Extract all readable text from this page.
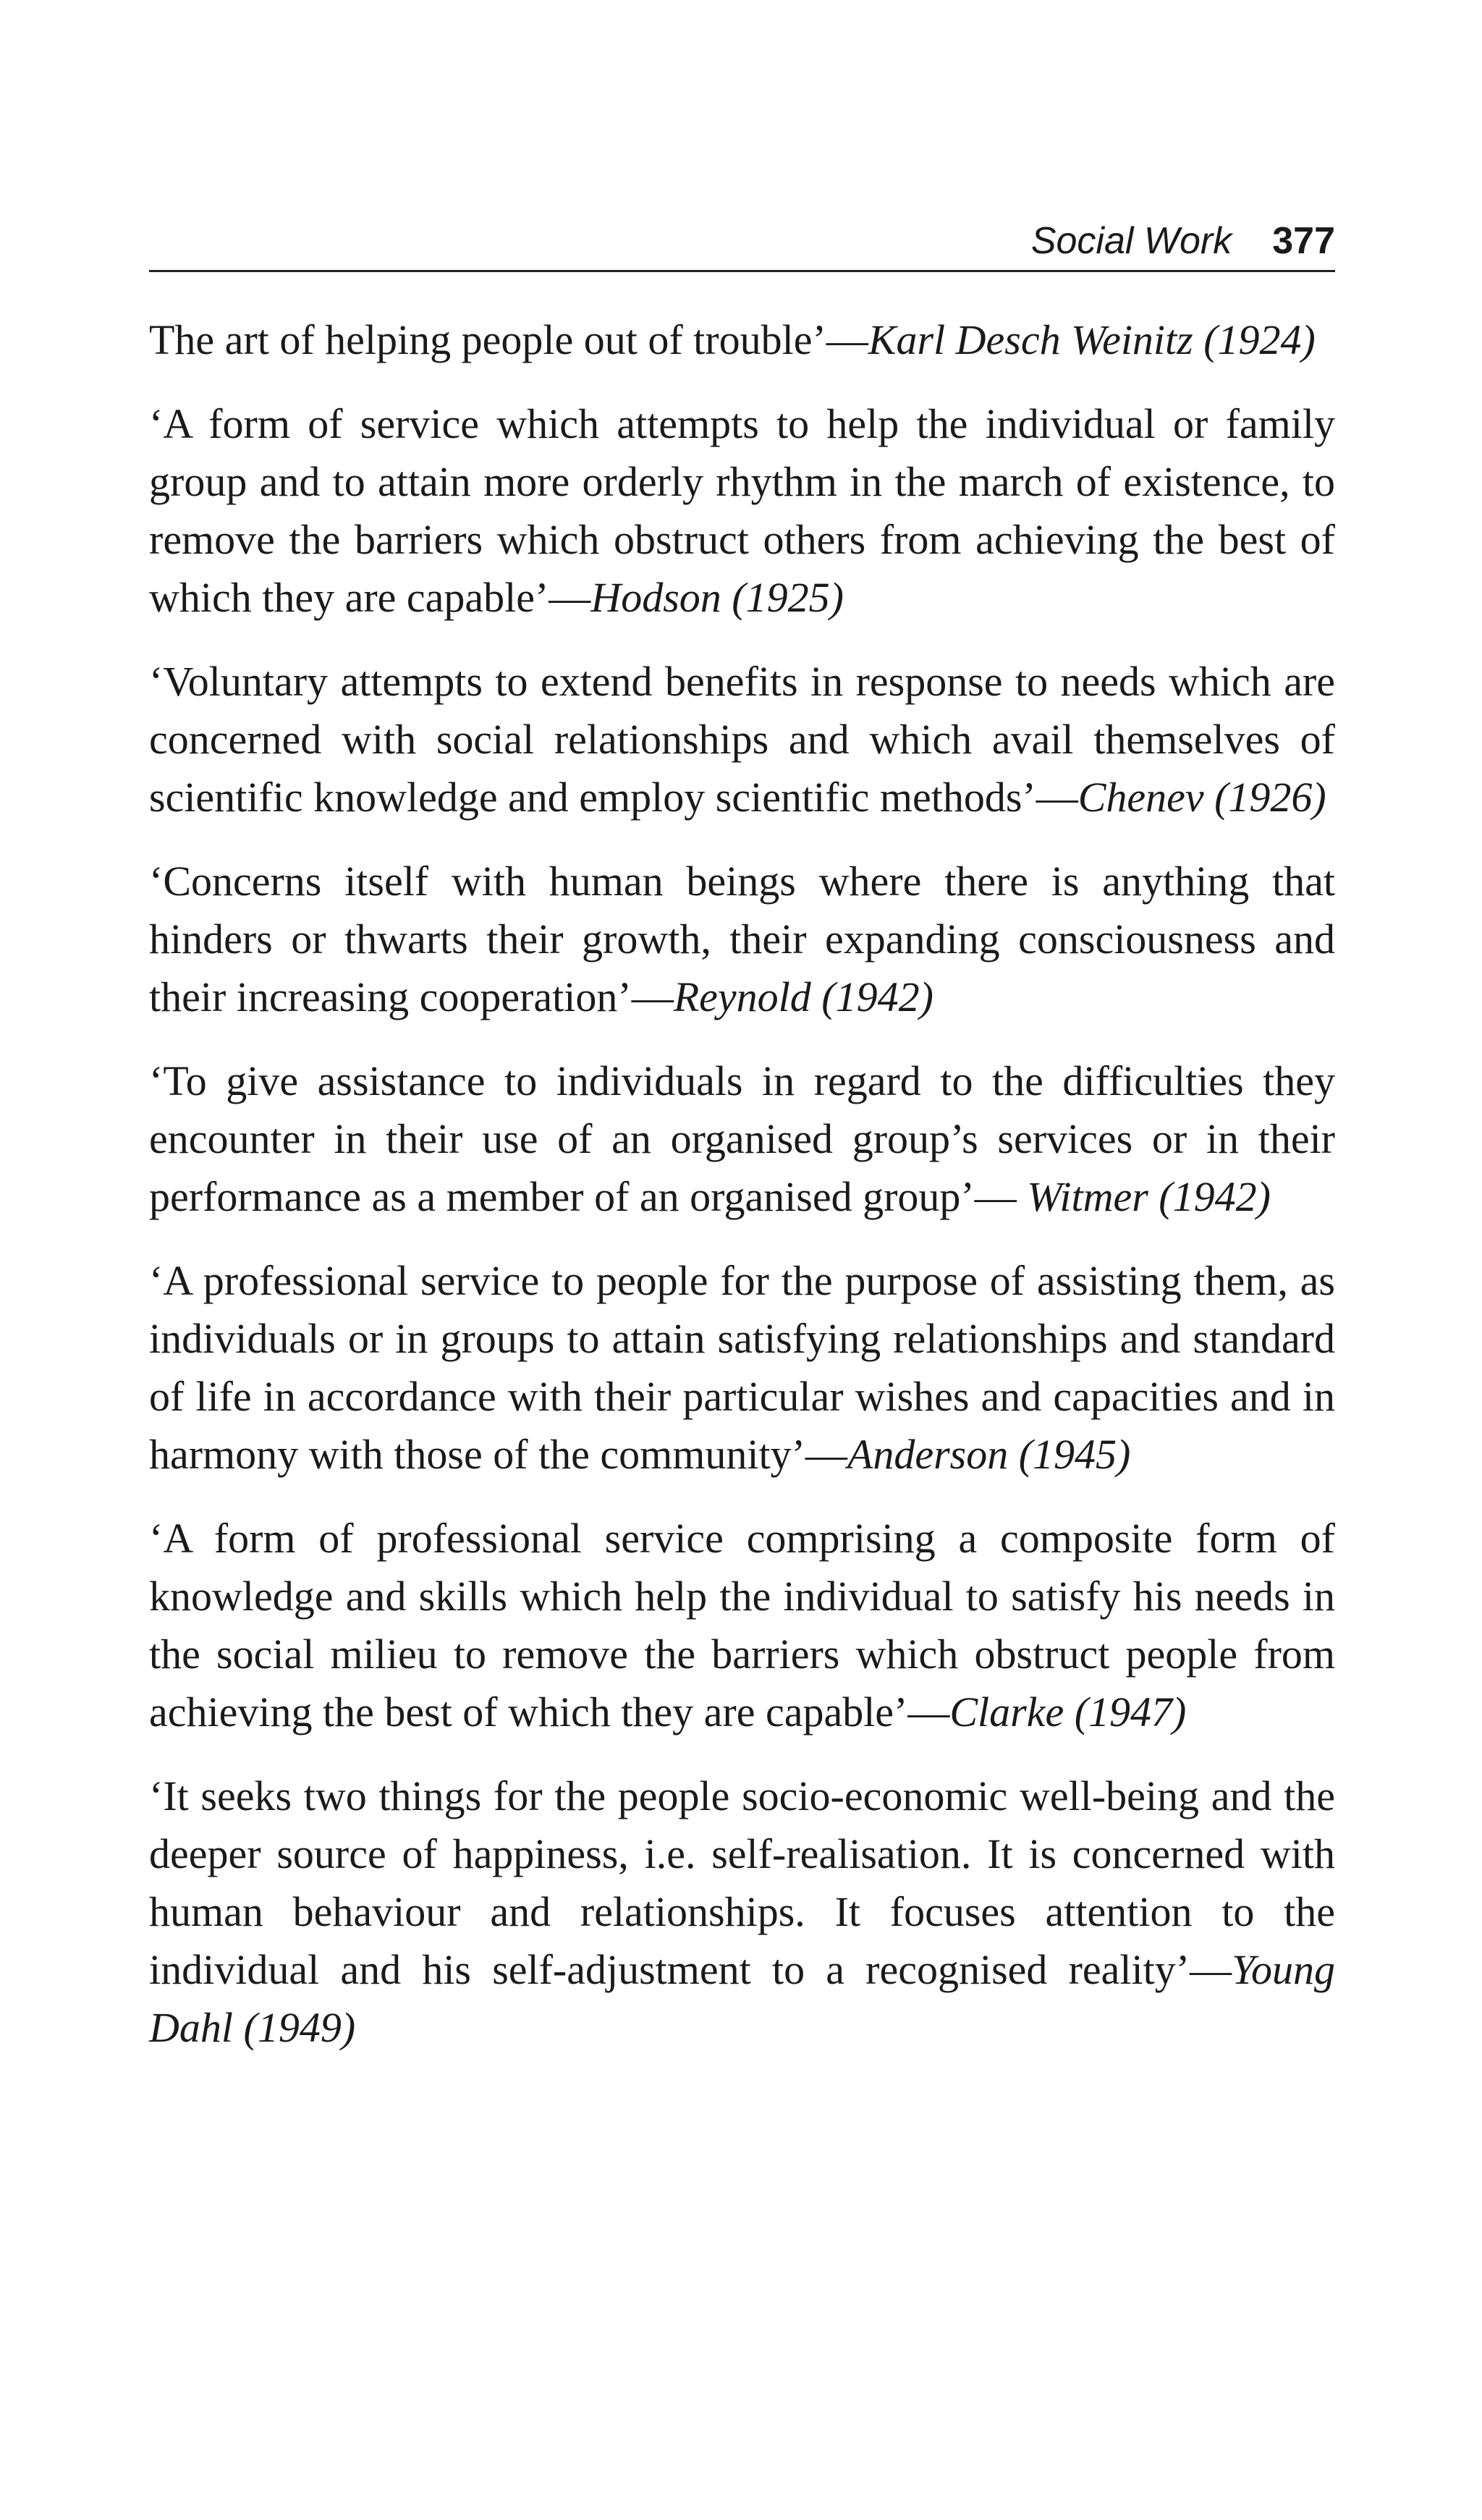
Social Work 377

The art of helping people out of trouble’—Karl Desch Weinitz (1924)

‘A form of service which attempts to help the individual or family group and to attain more orderly rhythm in the march of existence, to remove the barriers which obstruct others from achieving the best of which they are capable’—Hodson (1925)

‘Voluntary attempts to extend benefits in response to needs which are concerned with social relationships and which avail themselves of scientific knowledge and employ scientific methods’—Chenev (1926)

‘Concerns itself with human beings where there is anything that hinders or thwarts their growth, their expanding consciousness and their increasing cooperation’—Reynold (1942)

‘To give assistance to individuals in regard to the difficulties they encounter in their use of an organised group’s services or in their performance as a member of an organised group’— Witmer (1942)

‘A professional service to people for the purpose of assisting them, as individuals or in groups to attain satisfying relationships and standard of life in accordance with their particular wishes and capacities and in harmony with those of the community’—Anderson (1945)

‘A form of professional service comprising a composite form of knowledge and skills which help the individual to satisfy his needs in the social milieu to remove the barriers which obstruct people from achieving the best of which they are capable’—Clarke (1947)

‘It seeks two things for the people socio-economic well-being and the deeper source of happiness, i.e. self-realisation. It is concerned with human behaviour and relationships. It focuses attention to the individual and his self-adjustment to a recognised reality’—Young Dahl (1949)
